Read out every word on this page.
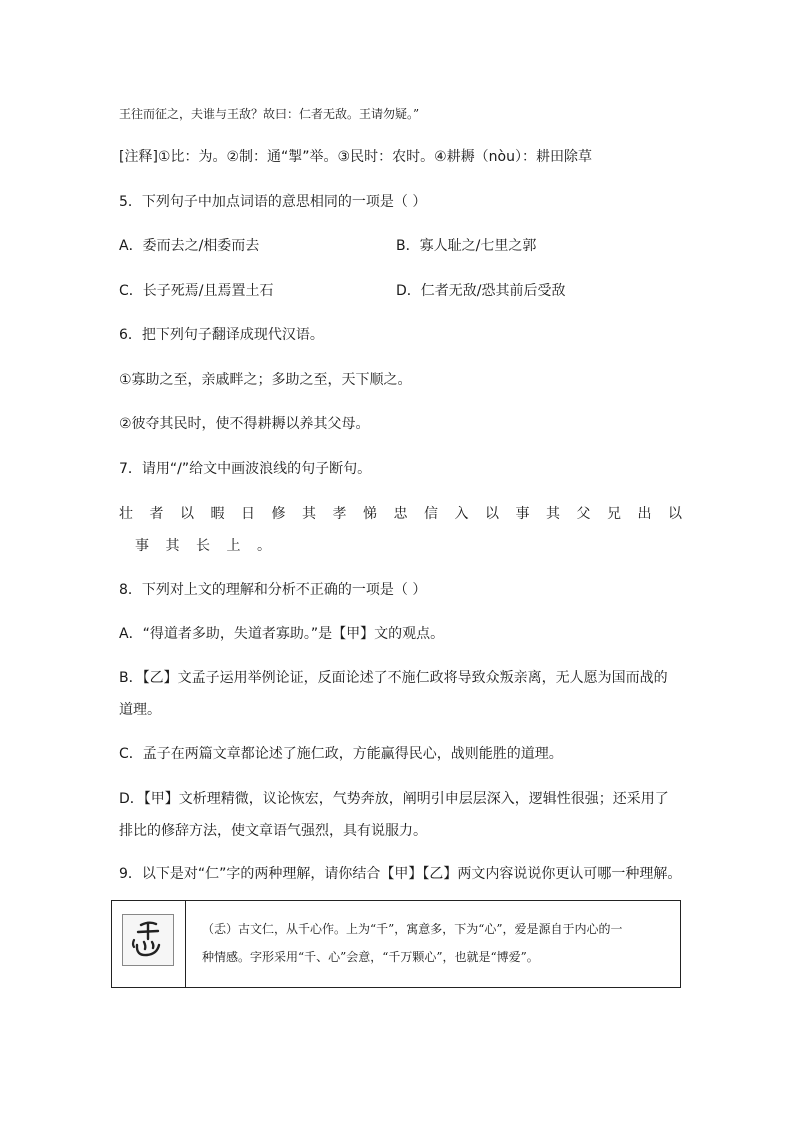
王往而征之，夫谁与王敌？故曰：仁者无敌。王请勿疑。”
[注释]①比：为。②制：通“掣”举。③民时：农时。④耕耨（nòu）：耕田除草
5．下列句子中加点词语的意思相同的一项是（ ）
A．委而去之/相委而去	B．寡人耻之/七里之郭
C．长子死焉/且焉置土石	D．仁者无敌/恐其前后受敌
6．把下列句子翻译成现代汉语。
①寡助之至，亲戚畔之；多助之至，天下顺之。
②彼夺其民时，使不得耕耨以养其父母。
7．请用“/”给文中画波浪线的句子断句。
壮者以暇日修其孝悌忠信入以事其父兄出以
事其长上。
8．下列对上文的理解和分析不正确的一项是（ ）
A．“得道者多助，失道者寡助。”是【甲】文的观点。
B．【乙】文孟子运用举例论证，反面论述了不施仁政将导致众叛亲离，无人愿为国而战的
道理。
C．孟子在两篇文章都论述了施仁政，方能赢得民心，战则能胜的道理。
D．【甲】文析理精微，议论恢宏，气势奔放，阐明引申层层深入，逻辑性很强；还采用了
排比的修辞方法，使文章语气强烈，具有说服力。
9．以下是对“仁”字的两种理解，请你结合【甲】【乙】两文内容说说你更认可哪一种理解。
（忎）古文仁，从千心作。上为“千”，寓意多，下为“心”，爱是源自于内心的一
种情感。字形采用“千、心”会意，“千万颗心”，也就是“博爱”。
